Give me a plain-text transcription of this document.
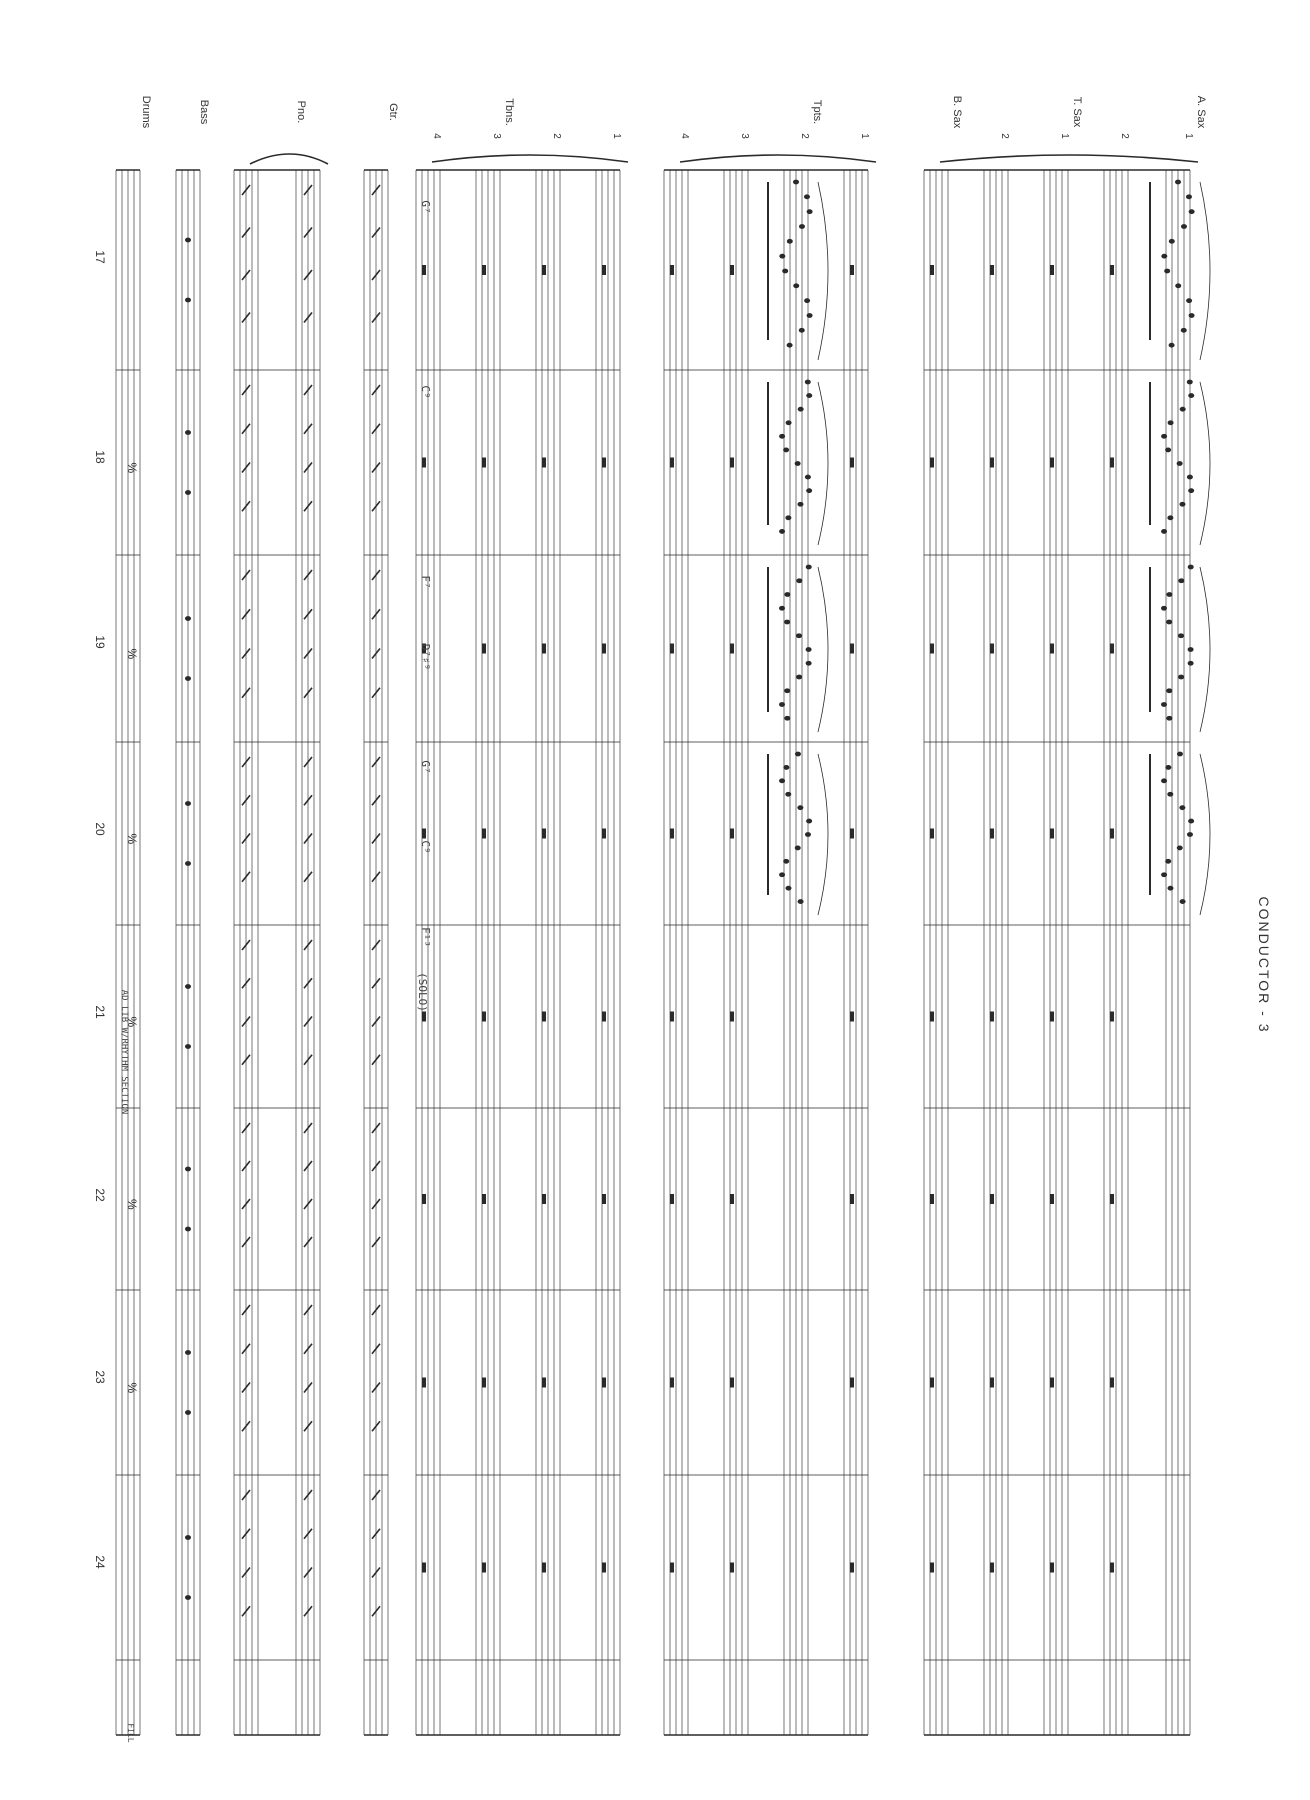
%
%
%
%
%
%
CONDUCTOR - 3
A. Sax
1
2
T. Sax
1
2
B. Sax
1
Tpts.
2
3
4
1
2
Tbns.
3
4
Gtr.
Pno.
Bass
Drums
17
18
19
20
21
22
23
24
G⁷
C⁹
F⁷
D⁷♯⁹
G⁷
C⁹
F¹³
(SOLO)
AD LIB W/RHYTHM SECTION
FILL
